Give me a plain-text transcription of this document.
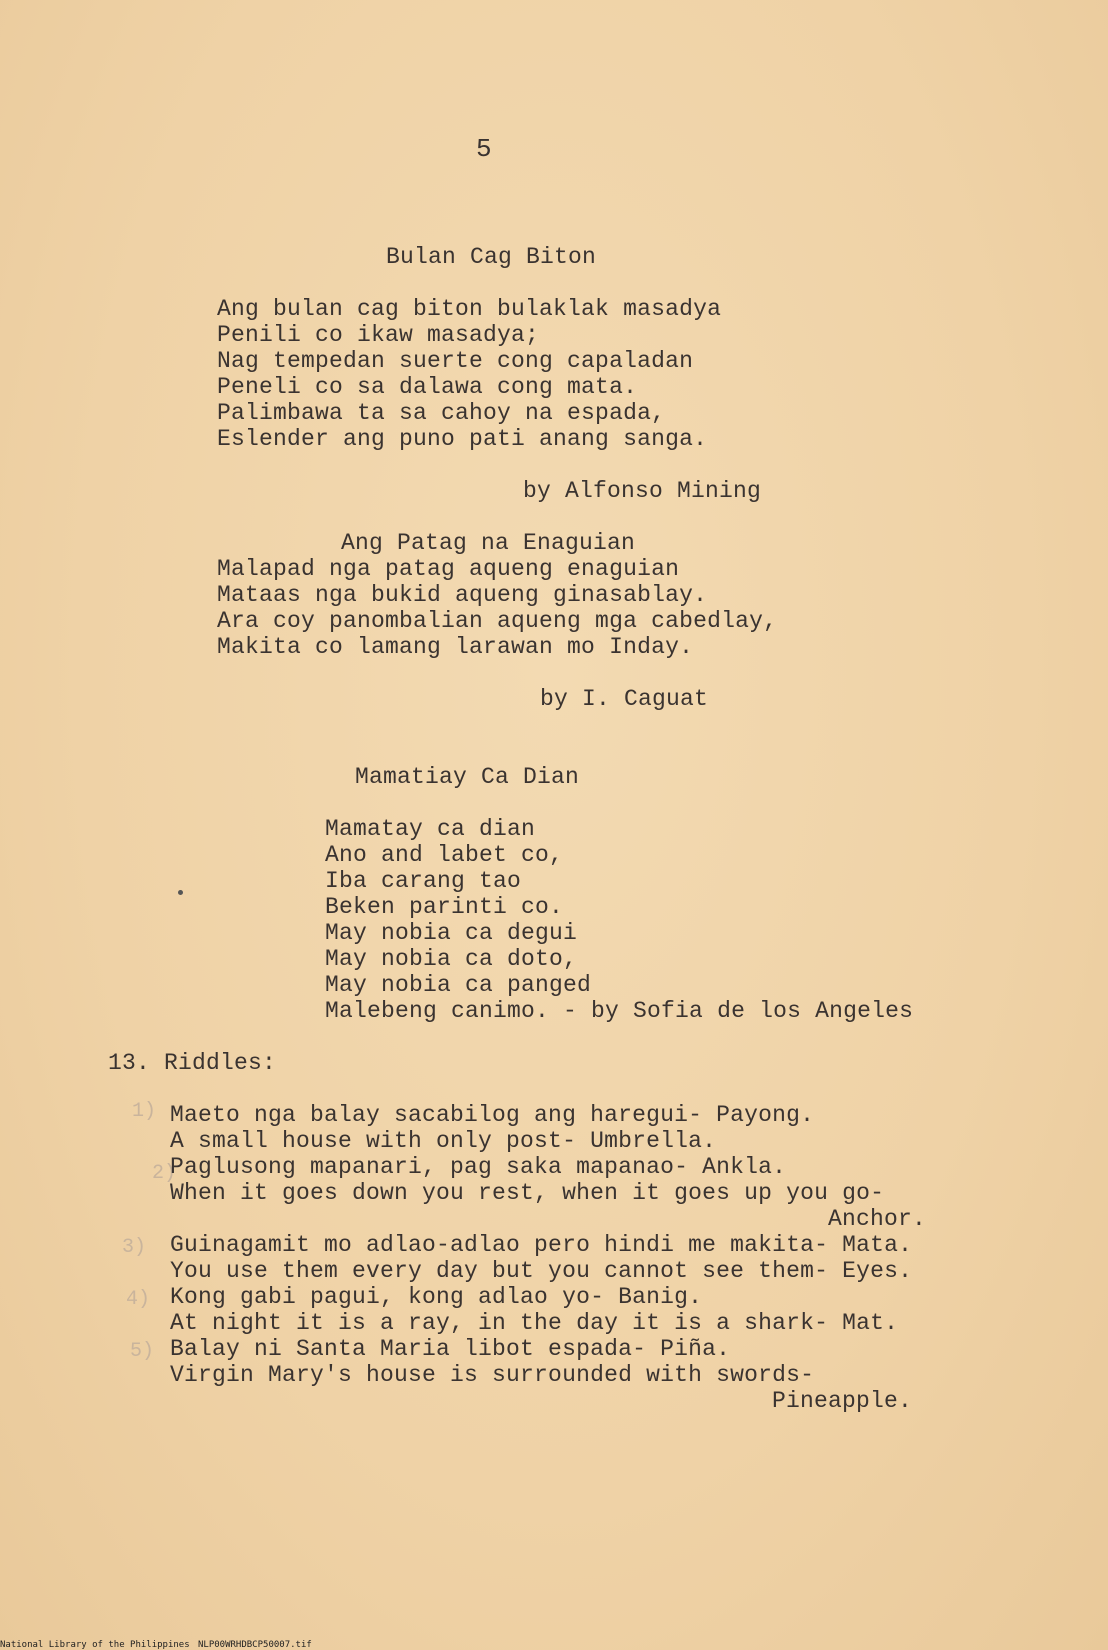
5
Bulan Cag Biton
Ang bulan cag biton bulaklak masadya
Penili co ikaw masadya;
Nag tempedan suerte cong capaladan
Peneli co sa dalawa cong mata.
Palimbawa ta sa cahoy na espada,
Eslender ang puno pati anang sanga.
by Alfonso Mining
Ang Patag na Enaguian
Malapad nga patag aqueng enaguian
Mataas nga bukid aqueng ginasablay.
Ara coy panombalian aqueng mga cabedlay,
Makita co lamang larawan mo Inday.
by I. Caguat
Mamatiay Ca Dian
Mamatay ca dian
Ano and labet co,
Iba carang tao
Beken parinti co.
May nobia ca degui
May nobia ca doto,
May nobia ca panged
Malebeng canimo. - by Sofia de los Angeles
13. Riddles:
1)
2)
3)
4)
5)
Maeto nga balay sacabilog ang haregui- Payong.
A small house with only post- Umbrella.
Paglusong mapanari, pag saka mapanao- Ankla.
When it goes down you rest, when it goes up you go-
Anchor.
Guinagamit mo adlao-adlao pero hindi me makita- Mata.
You use them every day but you cannot see them- Eyes.
Kong gabi pagui, kong adlao yo- Banig.
At night it is a ray, in the day it is a shark- Mat.
Balay ni Santa Maria libot espada- Piña.
Virgin Mary's house is surrounded with swords-
Pineapple.
National Library of the Philippines NLP00WRHDBCP50007.tif
